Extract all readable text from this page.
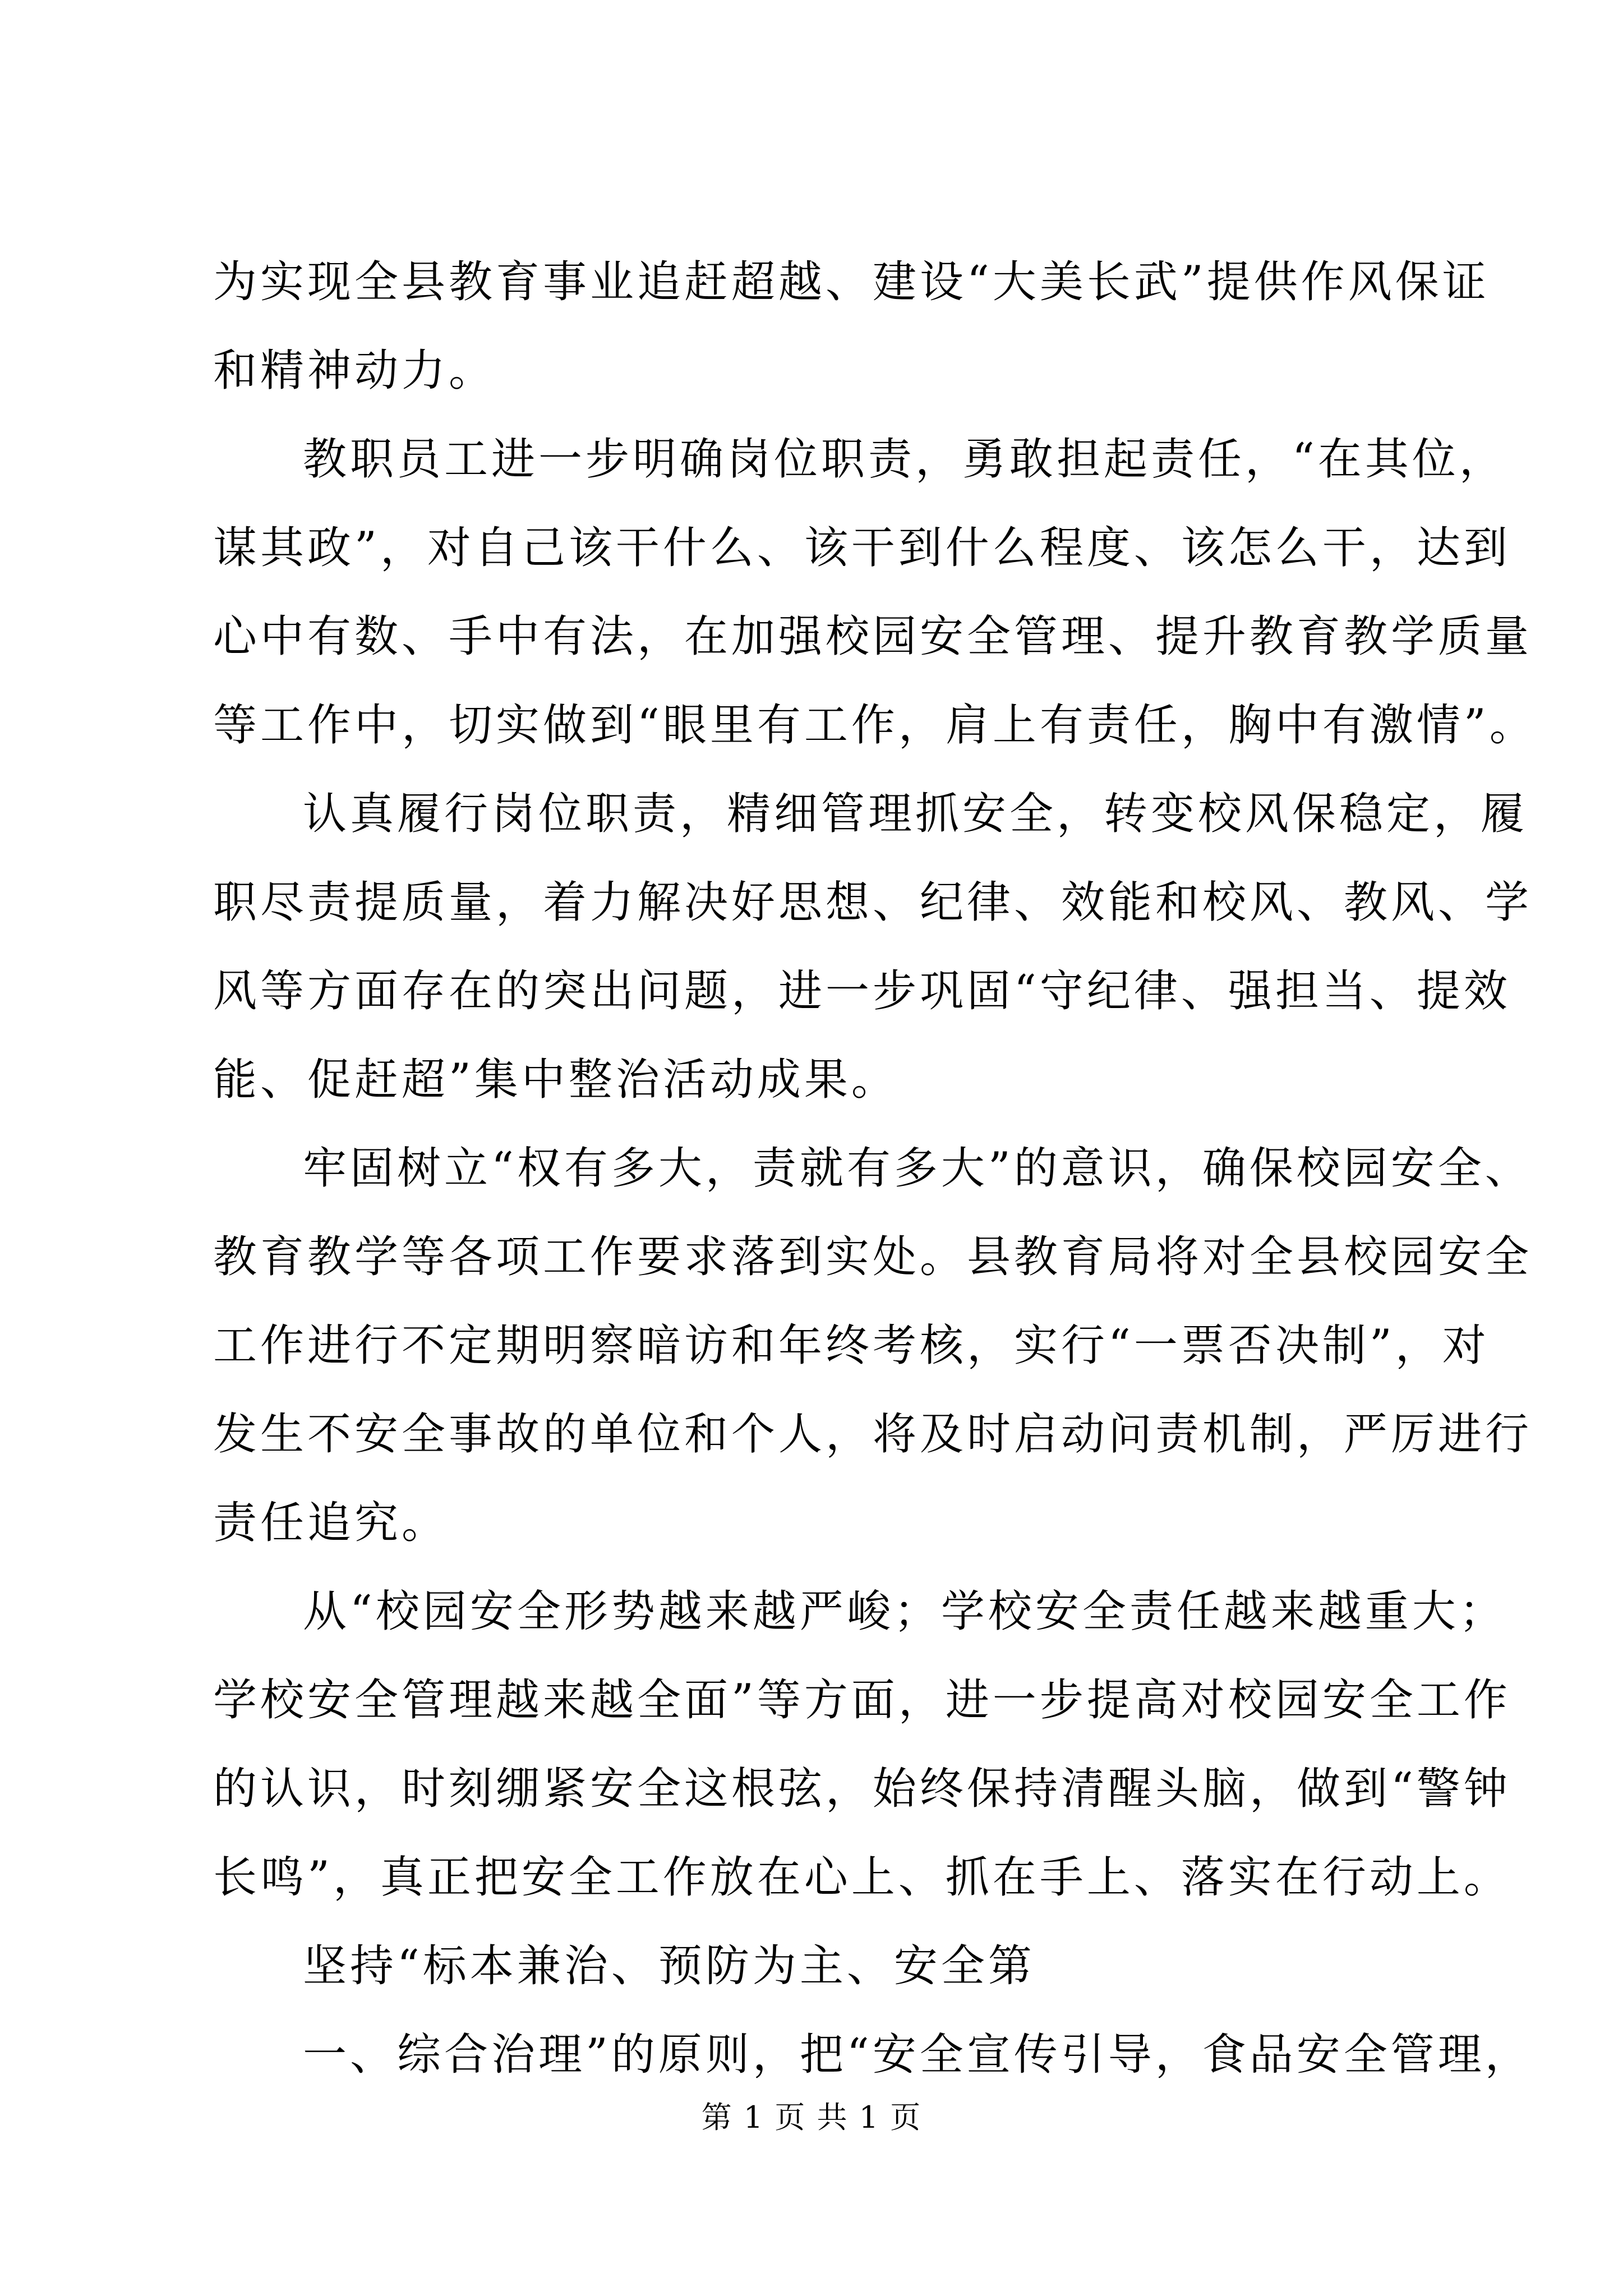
为实现全县教育事业追赶超越、建设“大美长武”提供作风保证
和精神动力。
教职员工进一步明确岗位职责，勇敢担起责任，“在其位，
谋其政”，对自己该干什么、该干到什么程度、该怎么干，达到
心中有数、手中有法，在加强校园安全管理、提升教育教学质量
等工作中，切实做到“眼里有工作，肩上有责任，胸中有激情”。
认真履行岗位职责，精细管理抓安全，转变校风保稳定，履
职尽责提质量，着力解决好思想、纪律、效能和校风、教风、学
风等方面存在的突出问题，进一步巩固“守纪律、强担当、提效
能、促赶超”集中整治活动成果。
牢固树立“权有多大，责就有多大”的意识，确保校园安全、
教育教学等各项工作要求落到实处。县教育局将对全县校园安全
工作进行不定期明察暗访和年终考核，实行“一票否决制”，对
发生不安全事故的单位和个人，将及时启动问责机制，严厉进行
责任追究。
从“校园安全形势越来越严峻；学校安全责任越来越重大；
学校安全管理越来越全面”等方面，进一步提高对校园安全工作
的认识，时刻绷紧安全这根弦，始终保持清醒头脑，做到“警钟
长鸣”，真正把安全工作放在心上、抓在手上、落实在行动上。
坚持“标本兼治、预防为主、安全第
一、综合治理”的原则，把“安全宣传引导，食品安全管理，
第 1 页 共 1 页
